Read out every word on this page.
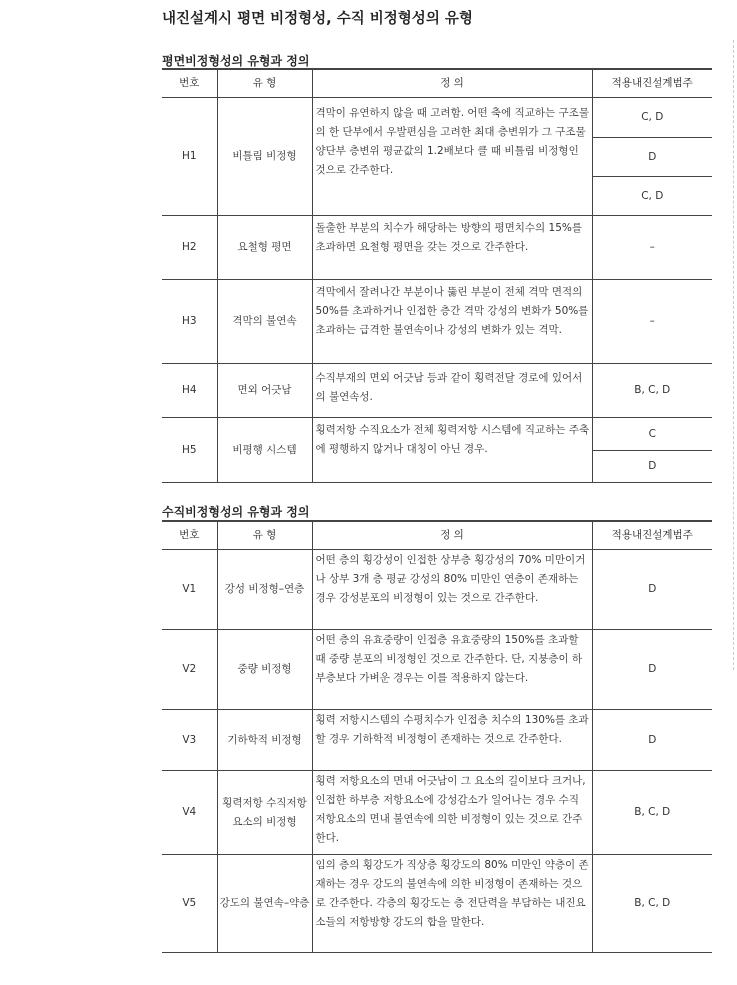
내진설계시 평면 비정형성, 수직 비정형성의 유형
평면비정형성의 유형과 정의
번호	유 형	정 의	적용내진설계범주
H1	비틀림 비정형	격막이 유연하지 않을 때 고려함. 어떤 축에 직교하는 구조물의 한 단부에서 우발편심을 고려한 최대 층변위가 그 구조물 양단부 층변위 평균값의 1.2배보다 클 때 비틀림 비정형인 것으로 간주한다.	C, D
			D
			C, D
H2	요철형 평면	돌출한 부분의 치수가 해당하는 방향의 평면치수의 15%를 초과하면 요철형 평면을 갖는 것으로 간주한다.	–
H3	격막의 불연속	격막에서 잘려나간 부분이나 뚫린 부분이 전체 격막 면적의 50%를 초과하거나 인접한 층간 격막 강성의 변화가 50%를 초과하는 급격한 불연속이나 강성의 변화가 있는 격막.	–
H4	면외 어긋남	수직부재의 면외 어긋남 등과 같이 횡력전달 경로에 있어서의 불연속성.	B, C, D
H5	비평행 시스템	횡력저항 수직요소가 전체 횡력저항 시스템에 직교하는 주축에 평행하지 않거나 대칭이 아닌 경우.	C
			D
수직비정형성의 유형과 정의
번호	유 형	정 의	적용내진설계범주
V1	강성 비정형–연층	어떤 층의 횡강성이 인접한 상부층 횡강성의 70% 미만이거나 상부 3개 층 평균 강성의 80% 미만인 연층이 존재하는 경우 강성분포의 비정형이 있는 것으로 간주한다.	D
V2	중량 비정형	어떤 층의 유효중량이 인접층 유효중량의 150%를 초과할 때 중량 분포의 비정형인 것으로 간주한다. 단, 지붕층이 하부층보다 가벼운 경우는 이를 적용하지 않는다.	D
V3	기하학적 비정형	횡력 저항시스템의 수평치수가 인접층 치수의 130%를 초과할 경우 기하학적 비정형이 존재하는 것으로 간주한다.	D
V4	횡력저항 수직저항요소의 비정형	횡력 저항요소의 면내 어긋남이 그 요소의 길이보다 크거나, 인접한 하부층 저항요소에 강성감소가 일어나는 경우 수직 저항요소의 면내 불연속에 의한 비정형이 있는 것으로 간주한다.	B, C, D
V5	강도의 불연속–약층	임의 층의 횡강도가 직상층 횡강도의 80% 미만인 약층이 존재하는 경우 강도의 불연속에 의한 비정형이 존재하는 것으로 간주한다. 각층의 횡강도는 층 전단력을 부담하는 내진요소들의 저항방향 강도의 합을 말한다.	B, C, D
